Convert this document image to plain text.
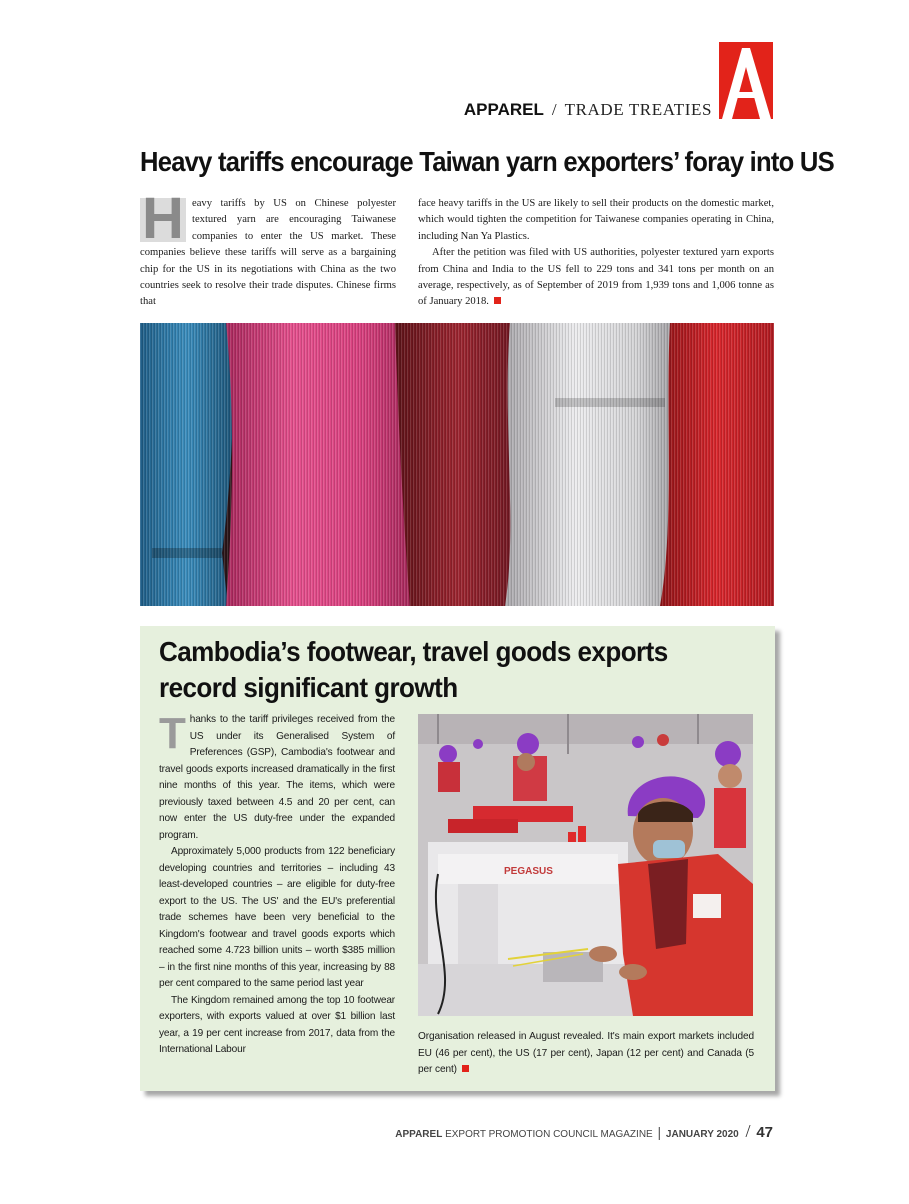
APPAREL / TRADE TREATIES
Heavy tariffs encourage Taiwan yarn exporters’ foray into US
H eavy tariffs by US on Chinese polyester textured yarn are encouraging Taiwanese companies to enter the US market. These companies believe these tariffs will serve as a bargaining chip for the US in its negotiations with China as the two countries seek to resolve their trade disputes. Chinese firms that

face heavy tariffs in the US are likely to sell their products on the domestic market, which would tighten the competition for Taiwanese companies operating in China, including Nan Ya Plastics.

After the petition was filed with US authorities, polyester textured yarn exports from China and India to the US fell to 229 tons and 341 tons per month on an average, respectively, as of September of 2019 from 1,939 tons and 1,006 tonne as of January 2018.

Cambodia’s footwear, travel goods exports record significant growth

Thanks to the tariff privileges received from the US under its Generalised System of Preferences (GSP), Cambodia's footwear and travel goods exports increased dramatically in the first nine months of this year. The items, which were previously taxed between 4.5 and 20 per cent, can now enter the US duty-free under the expanded program.

Approximately 5,000 products from 122 beneficiary developing countries and territories – including 43 least-developed countries – are eligible for duty-free export to the US. The US' and the EU's preferential trade schemes have been very beneficial to the Kingdom's footwear and travel goods exports which reached some 4.723 billion units – worth $385 million – in the first nine months of this year, increasing by 88 per cent compared to the same period last year

The Kingdom remained among the top 10 footwear exporters, with exports valued at over $1 billion last year, a 19 per cent increase from 2017, data from the International Labour

PEGASUS

Organisation released in August revealed. It's main export markets included EU (46 per cent), the US (17 per cent), Japan (12 per cent) and Canada (5 per cent)

APPAREL EXPORT PROMOTION COUNCIL MAGAZINE | JANUARY 2020 / 47
